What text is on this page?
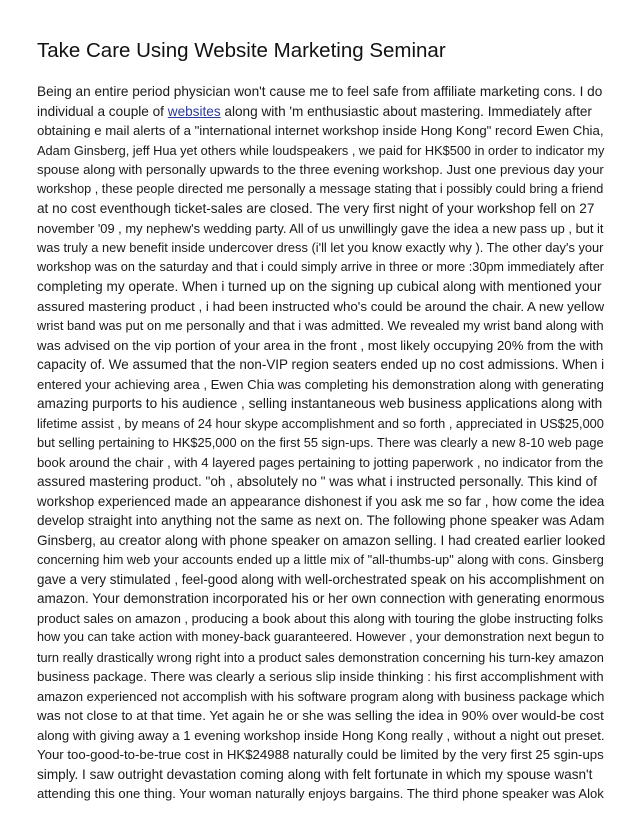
Take Care Using Website Marketing Seminar
Being an entire period physician won't cause me to feel safe from affiliate marketing cons. I do
individual a couple of websites along with 'm enthusiastic about mastering. Immediately after
obtaining e mail alerts of a "international internet workshop inside Hong Kong" record Ewen Chia,
Adam Ginsberg, jeff Hua yet others while loudspeakers , we paid for HK$500 in order to indicator my
spouse along with personally upwards to the three evening workshop. Just one previous day your
workshop , these people directed me personally a message stating that i possibly could bring a friend
at no cost eventhough ticket-sales are closed. The very first night of your workshop fell on 27
november '09 , my nephew's wedding party. All of us unwillingly gave the idea a new pass up , but it
was truly a new benefit inside undercover dress (i'll let you know exactly why ). The other day's your
workshop was on the saturday and that i could simply arrive in three or more :30pm immediately after
completing my operate. When i turned up on the signing up cubical along with mentioned your
assured mastering product , i had been instructed who's could be around the chair. A new yellow
wrist band was put on me personally and that i was admitted. We revealed my wrist band along with
was advised on the vip portion of your area in the front , most likely occupying 20% from the with
capacity of. We assumed that the non-VIP region seaters ended up no cost admissions. When i
entered your achieving area , Ewen Chia was completing his demonstration along with generating
amazing purports to his audience , selling instantaneous web business applications along with
lifetime assist , by means of 24 hour skype accomplishment and so forth , appreciated in US$25,000
but selling pertaining to HK$25,000 on the first 55 sign-ups. There was clearly a new 8-10 web page
book around the chair , with 4 layered pages pertaining to jotting paperwork , no indicator from the
assured mastering product. "oh , absolutely no " was what i instructed personally. This kind of
workshop experienced made an appearance dishonest if you ask me so far , how come the idea
develop straight into anything not the same as next on. The following phone speaker was Adam
Ginsberg, au creator along with phone speaker on amazon selling. I had created earlier looked
concerning him web your accounts ended up a little mix of "all-thumbs-up" along with cons. Ginsberg
gave a very stimulated , feel-good along with well-orchestrated speak on his accomplishment on
amazon. Your demonstration incorporated his or her own connection with generating enormous
product sales on amazon , producing a book about this along with touring the globe instructing folks
how you can take action with money-back guaranteered. However , your demonstration next begun to
turn really drastically wrong right into a product sales demonstration concerning his turn-key amazon
business package. There was clearly a serious slip inside thinking : his first accomplishment with
amazon experienced not accomplish with his software program along with business package which
was not close to at that time. Yet again he or she was selling the idea in 90% over would-be cost
along with giving away a 1 evening workshop inside Hong Kong really , without a night out preset.
Your too-good-to-be-true cost in HK$24988 naturally could be limited by the very first 25 sgin-ups
simply. I saw outright devastation coming along with felt fortunate in which my spouse wasn't
attending this one thing. Your woman naturally enjoys bargains. The third phone speaker was Alok
